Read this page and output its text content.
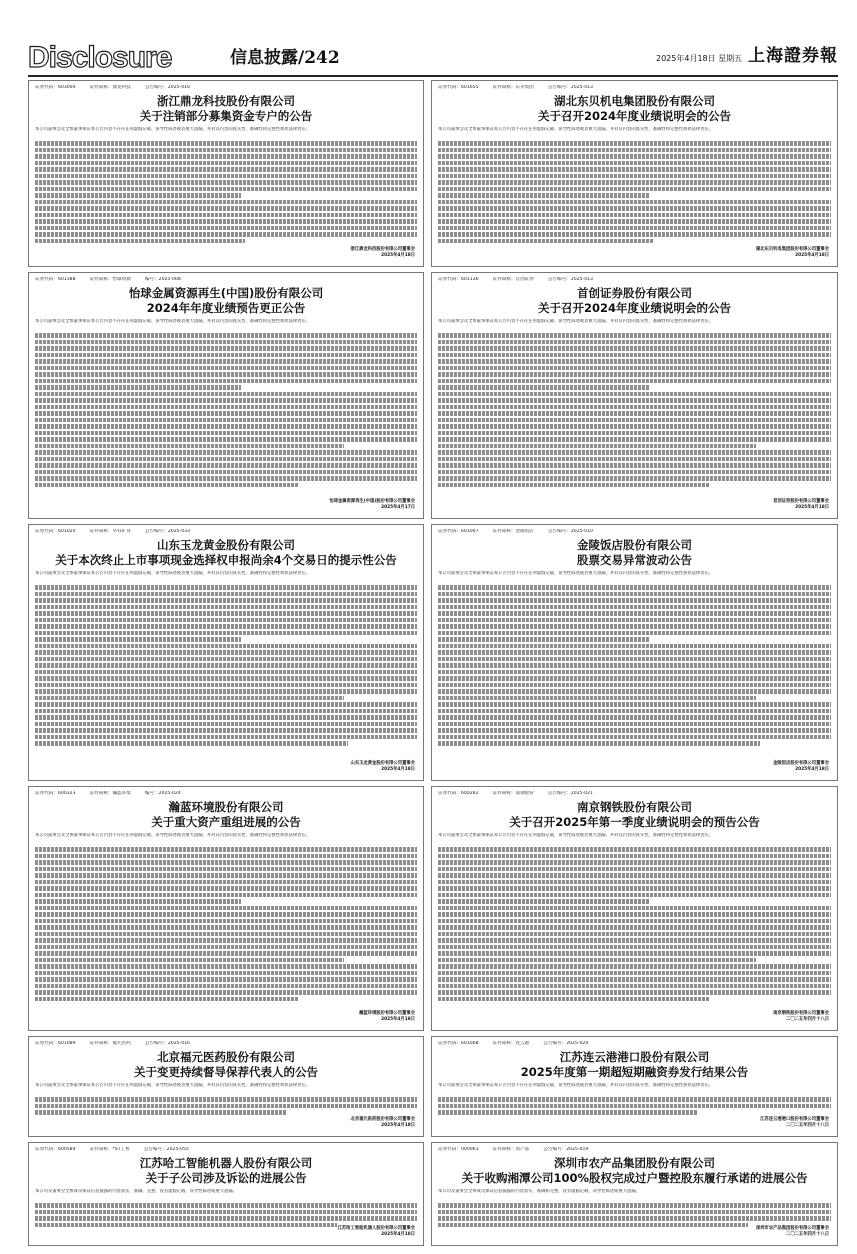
Disclosure	信息披露/242	2025年4月18日 星期五 上海證券報
证券代码：603004	证券简称：鼎龙科技	公告编号：2025-016
浙江鼎龙科技股份有限公司
关于注销部分募集资金专户的公告
本公司董事会及全体董事保证本公告内容不存在任何虚假记载、误导性陈述或者重大遗漏，并对其内容的真实性、准确性和完整性承担法律责任。
浙江鼎龙科技股份有限公司董事会
2025年4月18日
证券代码：601655	证券简称：东贝集团	公告编号：2025-013
湖北东贝机电集团股份有限公司
关于召开2024年度业绩说明会的公告
本公司董事会及全体董事保证本公告内容不存在任何虚假记载、误导性陈述或者重大遗漏，并对其内容的真实性、准确性和完整性承担法律责任。
湖北东贝机电集团股份有限公司董事会
2025年4月18日
证券代码：601388	证券简称：怡球资源	编号：2025-008
怡球金属资源再生(中国)股份有限公司
2024年年度业绩预告更正公告
本公司董事会及全体董事保证本公告内容不存在任何虚假记载、误导性陈述或者重大遗漏，并对其内容的真实性、准确性和完整性承担法律责任。
怡球金属资源再生(中国)股份有限公司董事会
2025年4月17日
证券代码：601136	证券简称：首创证券	公告编号：2025-013
首创证券股份有限公司
关于召开2024年度业绩说明会的公告
本公司董事会及全体董事保证本公告内容不存在任何虚假记载、误导性陈述或者重大遗漏，并对其内容的真实性、准确性和完整性承担法律责任。
首创证券股份有限公司董事会
2025年4月18日
证券代码：601020	证券简称：华钰矿业	公告编号：2025-033
山东玉龙黄金股份有限公司
关于本次终止上市事项现金选择权申报尚余4个交易日的提示性公告
本公司董事会及全体董事保证本公告内容不存在任何虚假记载、误导性陈述或者重大遗漏，并对其内容的真实性、准确性和完整性承担法律责任。
山东玉龙黄金股份有限公司董事会
2025年4月18日
证券代码：601007	证券简称：金陵饭店	公告编号：2025-010
金陵饭店股份有限公司
股票交易异常波动公告
本公司董事会及全体董事保证本公告内容不存在任何虚假记载、误导性陈述或者重大遗漏，并对其内容的真实性、准确性和完整性承担法律责任。
金陵饭店股份有限公司董事会
2025年4月18日
证券代码：600323	证券简称：瀚蓝环境	编号：2025-024
瀚蓝环境股份有限公司
关于重大资产重组进展的公告
本公司董事会及全体董事保证本公告内容不存在任何虚假记载、误导性陈述或者重大遗漏，并对其内容的真实性、准确性和完整性承担法律责任。
瀚蓝环境股份有限公司董事会
2025年4月18日
证券代码：600282	证券简称：南钢股份	公告编号：2025-021
南京钢铁股份有限公司
关于召开2025年第一季度业绩说明会的预告公告
本公司董事会及全体董事保证本公告内容不存在任何虚假记载、误导性陈述或者重大遗漏，并对其内容的真实性、准确性和完整性承担法律责任。
南京钢铁股份有限公司董事会
二〇二五年四月十八日
证券代码：601089	证券简称：福元医药	公告编号：2025-016
北京福元医药股份有限公司
关于变更持续督导保荐代表人的公告
本公司董事会及全体董事保证本公告内容不存在任何虚假记载、误导性陈述或者重大遗漏，并对其内容的真实性、准确性和完整性承担法律责任。
北京福元医药股份有限公司董事会
2025年4月18日
证券代码：601008	证券简称：连云港	公告编号：2025-020
江苏连云港港口股份有限公司
2025年度第一期超短期融资券发行结果公告
本公司董事会及全体董事保证本公告内容不存在任何虚假记载、误导性陈述或者重大遗漏，并对其内容的真实性、准确性和完整性承担法律责任。
江苏连云港港口股份有限公司董事会
二〇二五年四月十八日
证券代码：600584	证券简称：*ST工智	公告编号：2025-055
江苏哈工智能机器人股份有限公司
关于子公司涉及诉讼的进展公告
本公司及董事会全体成员保证信息披露的内容真实、准确、完整，没有虚假记载、误导性陈述或重大遗漏。
江苏哈工智能机器人股份有限公司董事会
2025年4月18日
证券代码：000061	证券简称：农产品	公告编号：2025-019
深圳市农产品集团股份有限公司
关于收购湘潭公司100%股权完成过户暨控股东履行承诺的进展公告
本公司及董事会全体成员保证信息披露的内容真实、准确和完整，没有虚假记载、误导性陈述或重大遗漏。
深圳市农产品集团股份有限公司董事会
二〇二五年四月十八日
